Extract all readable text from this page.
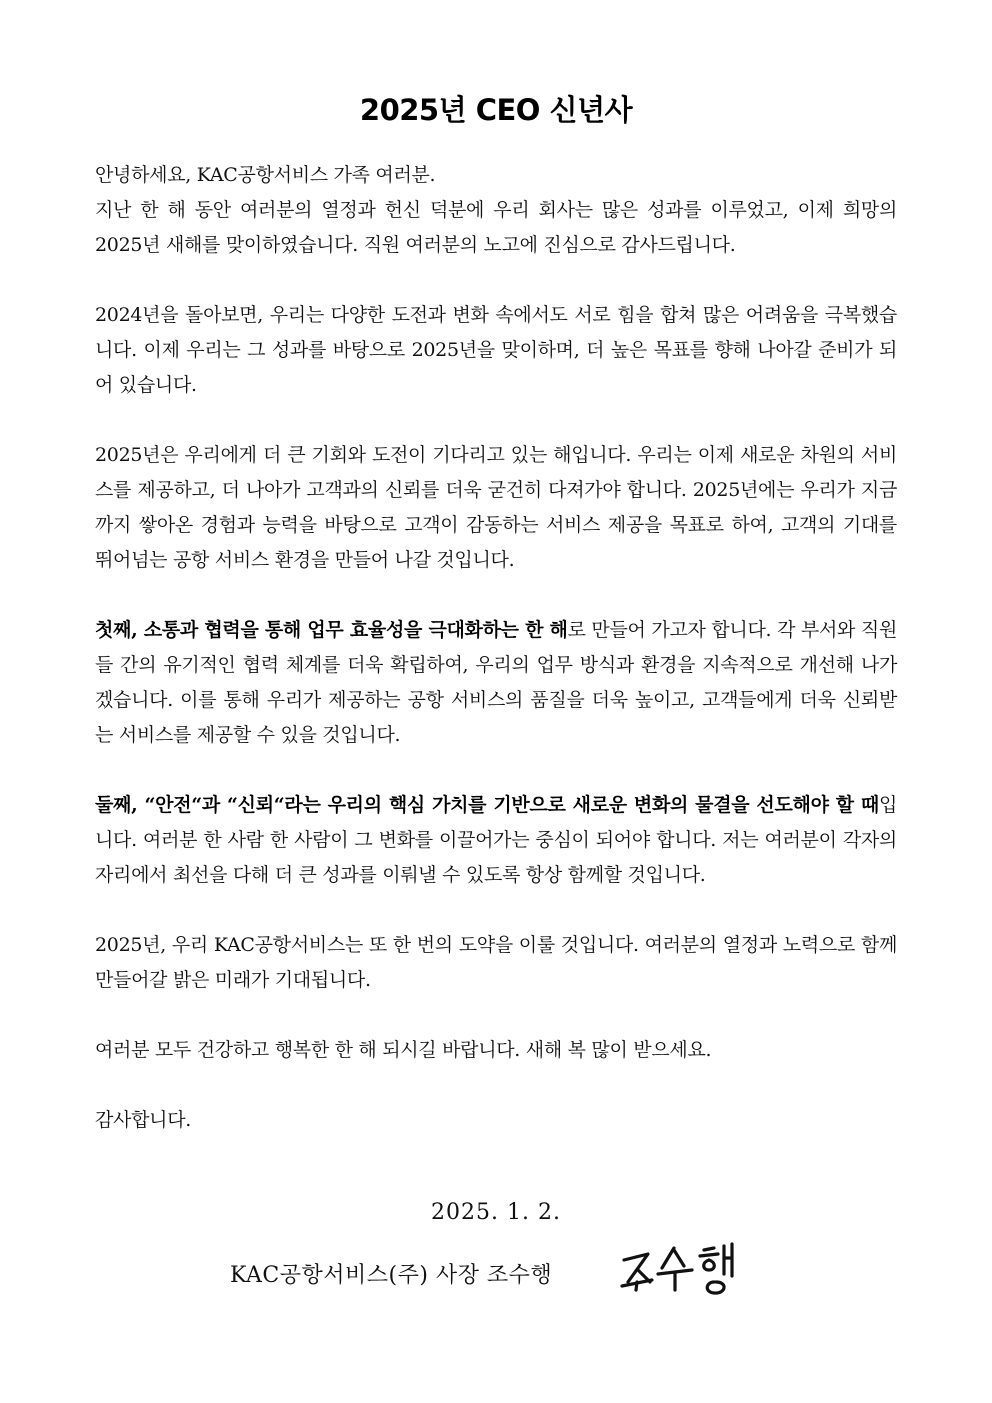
2025년 CEO 신년사

안녕하세요, KAC공항서비스 가족 여러분.

지난 한 해 동안 여러분의 열정과 헌신 덕분에 우리 회사는 많은 성과를 이루었고, 이제 희망의 2025년 새해를 맞이하였습니다. 직원 여러분의 노고에 진심으로 감사드립니다.

2024년을 돌아보면, 우리는 다양한 도전과 변화 속에서도 서로 힘을 합쳐 많은 어려움을 극복했습니다. 이제 우리는 그 성과를 바탕으로 2025년을 맞이하며, 더 높은 목표를 향해 나아갈 준비가 되어 있습니다.

2025년은 우리에게 더 큰 기회와 도전이 기다리고 있는 해입니다. 우리는 이제 새로운 차원의 서비스를 제공하고, 더 나아가 고객과의 신뢰를 더욱 굳건히 다져가야 합니다. 2025년에는 우리가 지금까지 쌓아온 경험과 능력을 바탕으로 고객이 감동하는 서비스 제공을 목표로 하여, 고객의 기대를 뛰어넘는 공항 서비스 환경을 만들어 나갈 것입니다.

첫째, 소통과 협력을 통해 업무 효율성을 극대화하는 한 해로 만들어 가고자 합니다. 각 부서와 직원들 간의 유기적인 협력 체계를 더욱 확립하여, 우리의 업무 방식과 환경을 지속적으로 개선해 나가겠습니다. 이를 통해 우리가 제공하는 공항 서비스의 품질을 더욱 높이고, 고객들에게 더욱 신뢰받는 서비스를 제공할 수 있을 것입니다.

둘째, “안전“과 “신뢰“라는 우리의 핵심 가치를 기반으로 새로운 변화의 물결을 선도해야 할 때입니다. 여러분 한 사람 한 사람이 그 변화를 이끌어가는 중심이 되어야 합니다. 저는 여러분이 각자의 자리에서 최선을 다해 더 큰 성과를 이뤄낼 수 있도록 항상 함께할 것입니다.

2025년, 우리 KAC공항서비스는 또 한 번의 도약을 이룰 것입니다. 여러분의 열정과 노력으로 함께 만들어갈 밝은 미래가 기대됩니다.

여러분 모두 건강하고 행복한 한 해 되시길 바랍니다. 새해 복 많이 받으세요.

감사합니다.

2025. 1. 2.
KAC공항서비스(주) 사장 조수행
